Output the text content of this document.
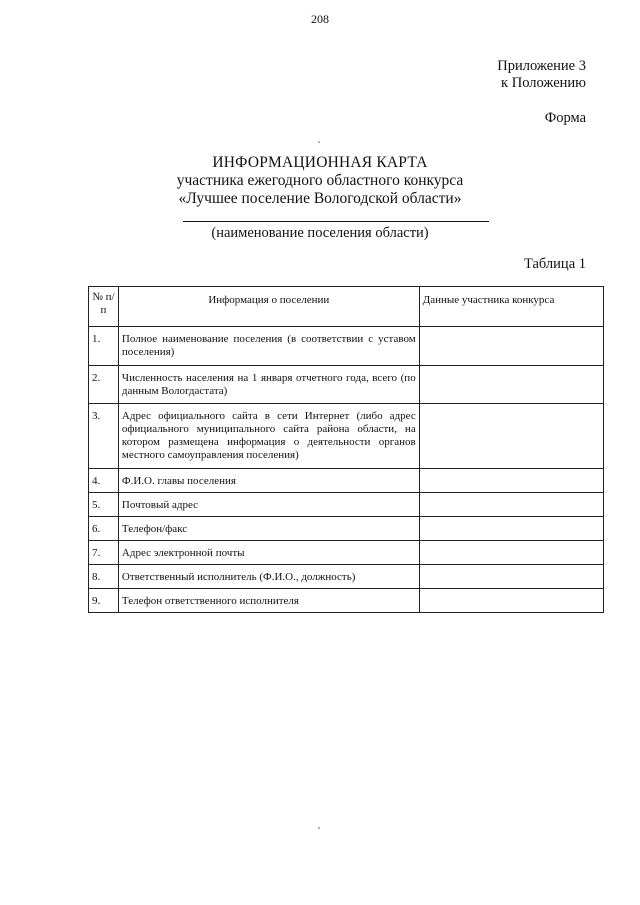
208
Приложение 3
к Положению
Форма
ИНФОРМАЦИОННАЯ КАРТА
участника ежегодного областного конкурса
«Лучшее поселение Вологодской области»
(наименование поселения области)
Таблица 1
№ п/п	Информация о поселении	Данные участника конкурса
1.	Полное наименование поселения (в соответствии с уставом поселения)	
2.	Численность населения на 1 января отчетного года, всего (по данным Вологдастата)	
3.	Адрес официального сайта в сети Интернет (либо адрес официального муниципального сайта района области, на котором размещена информация о деятельности органов местного самоуправления поселения)	
4.	Ф.И.О. главы поселения	
5.	Почтовый адрес	
6.	Телефон/факс	
7.	Адрес электронной почты	
8.	Ответственный исполнитель (Ф.И.О., должность)	
9.	Телефон ответственного исполнителя	
